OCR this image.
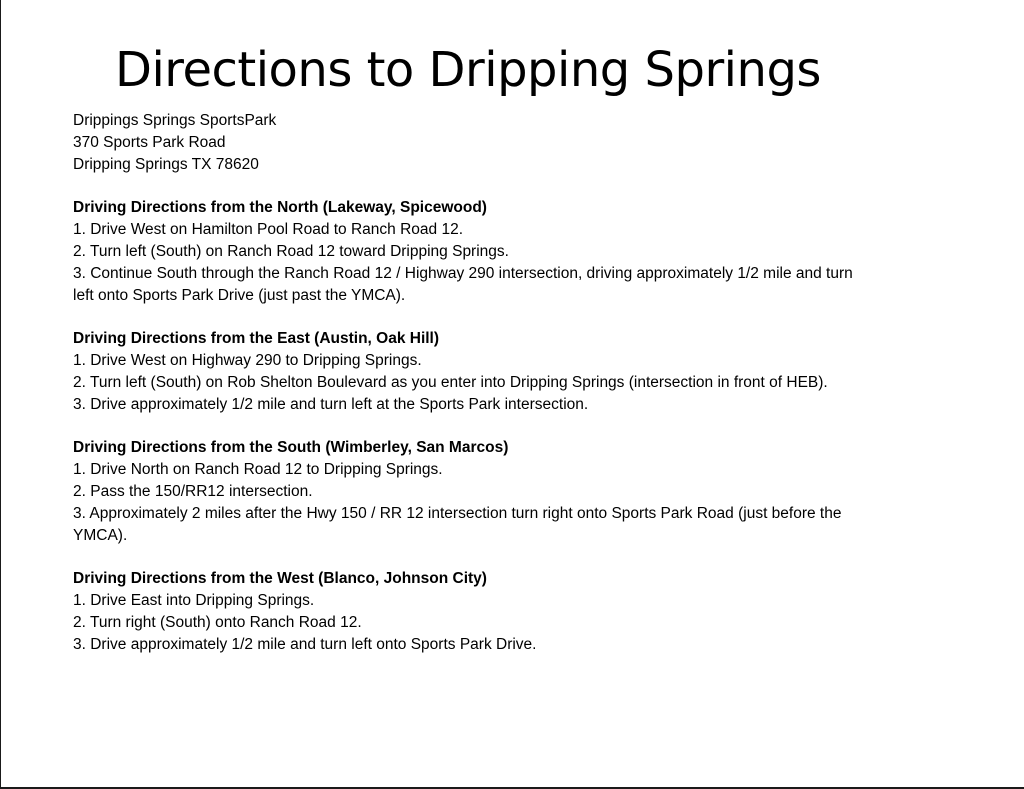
Directions to Dripping Springs
Drippings Springs SportsPark
370 Sports Park Road
Dripping Springs TX 78620

Driving Directions from the North (Lakeway, Spicewood)

1. Drive West on Hamilton Pool Road to Ranch Road 12.
2. Turn left (South) on Ranch Road 12 toward Dripping Springs.
3. Continue South through the Ranch Road 12 / Highway 290 intersection, driving approximately 1/2 mile and turn left onto Sports Park Drive (just past the YMCA).

Driving Directions from the East (Austin, Oak Hill)

1. Drive West on Highway 290 to Dripping Springs.
2. Turn left (South) on Rob Shelton Boulevard as you enter into Dripping Springs (intersection in front of HEB).
3. Drive approximately 1/2 mile and turn left at the Sports Park intersection.

Driving Directions from the South (Wimberley, San Marcos)

1. Drive North on Ranch Road 12 to Dripping Springs.
2. Pass the 150/RR12 intersection.
3. Approximately 2 miles after the Hwy 150 / RR 12 intersection turn right onto Sports Park Road (just before the YMCA).

Driving Directions from the West (Blanco, Johnson City)

1. Drive East into Dripping Springs.
2. Turn right (South) onto Ranch Road 12.
3. Drive approximately 1/2 mile and turn left onto Sports Park Drive.
